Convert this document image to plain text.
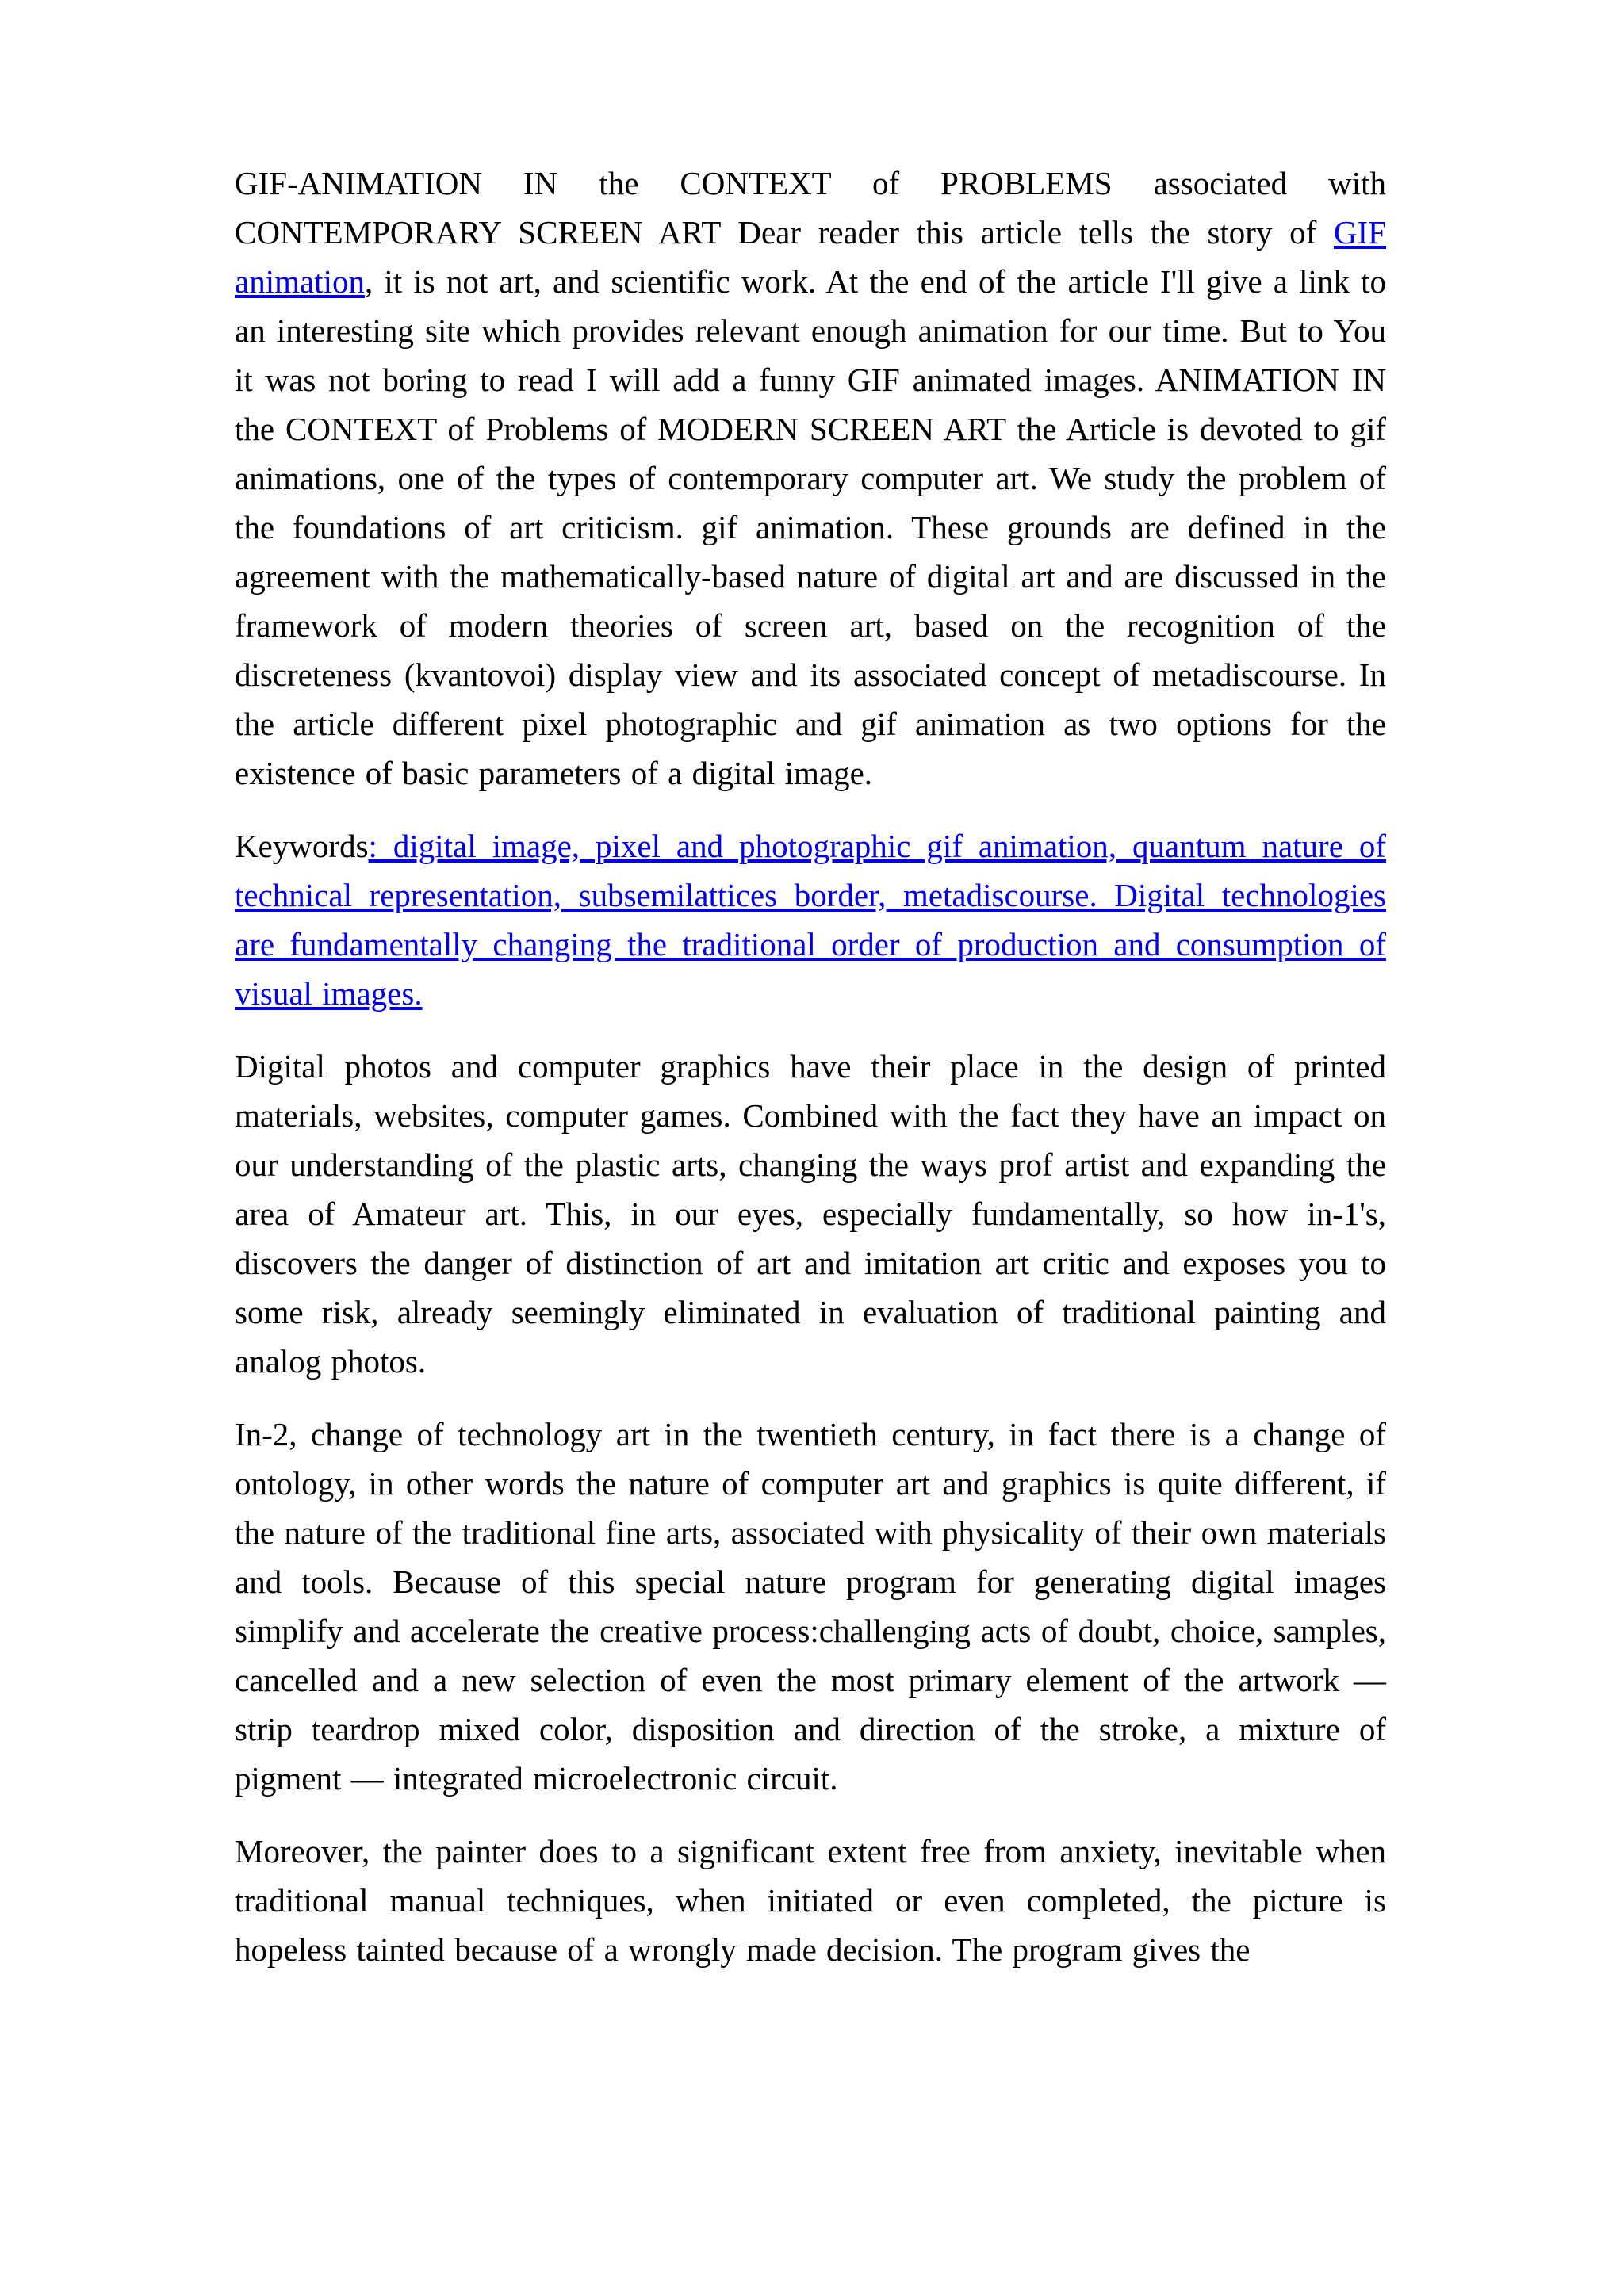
GIF-ANIMATION IN the CONTEXT of PROBLEMS associated with CONTEMPORARY SCREEN ART Dear reader this article tells the story of GIF animation, it is not art, and scientific work. At the end of the article I'll give a link to an interesting site which provides relevant enough animation for our time. But to You it was not boring to read I will add a funny GIF animated images. ANIMATION IN the CONTEXT of Problems of MODERN SCREEN ART the Article is devoted to gif animations, one of the types of contemporary computer art. We study the problem of the foundations of art criticism. gif animation. These grounds are defined in the agreement with the mathematically-based nature of digital art and are discussed in the framework of modern theories of screen art, based on the recognition of the discreteness (kvantovoi) display view and its associated concept of metadiscourse. In the article different pixel photographic and gif animation as two options for the existence of basic parameters of a digital image.

Keywords: digital image, pixel and photographic gif animation, quantum nature of technical representation, subsemilattices border, metadiscourse. Digital technologies are fundamentally changing the traditional order of production and consumption of visual images.

Digital photos and computer graphics have their place in the design of printed materials, websites, computer games. Combined with the fact they have an impact on our understanding of the plastic arts, changing the ways prof artist and expanding the area of Amateur art. This, in our eyes, especially fundamentally, so how in-1's, discovers the danger of distinction of art and imitation art critic and exposes you to some risk, already seemingly eliminated in evaluation of traditional painting and analog photos.

In-2, change of technology art in the twentieth century, in fact there is a change of ontology, in other words the nature of computer art and graphics is quite different, if the nature of the traditional fine arts, associated with physicality of their own materials and tools. Because of this special nature program for generating digital images simplify and accelerate the creative process:challenging acts of doubt, choice, samples, cancelled and a new selection of even the most primary element of the artwork — strip teardrop mixed color, disposition and direction of the stroke, a mixture of pigment — integrated microelectronic circuit.

Moreover, the painter does to a significant extent free from anxiety, inevitable when traditional manual techniques, when initiated or even completed, the picture is hopeless tainted because of a wrongly made decision. The program gives the
